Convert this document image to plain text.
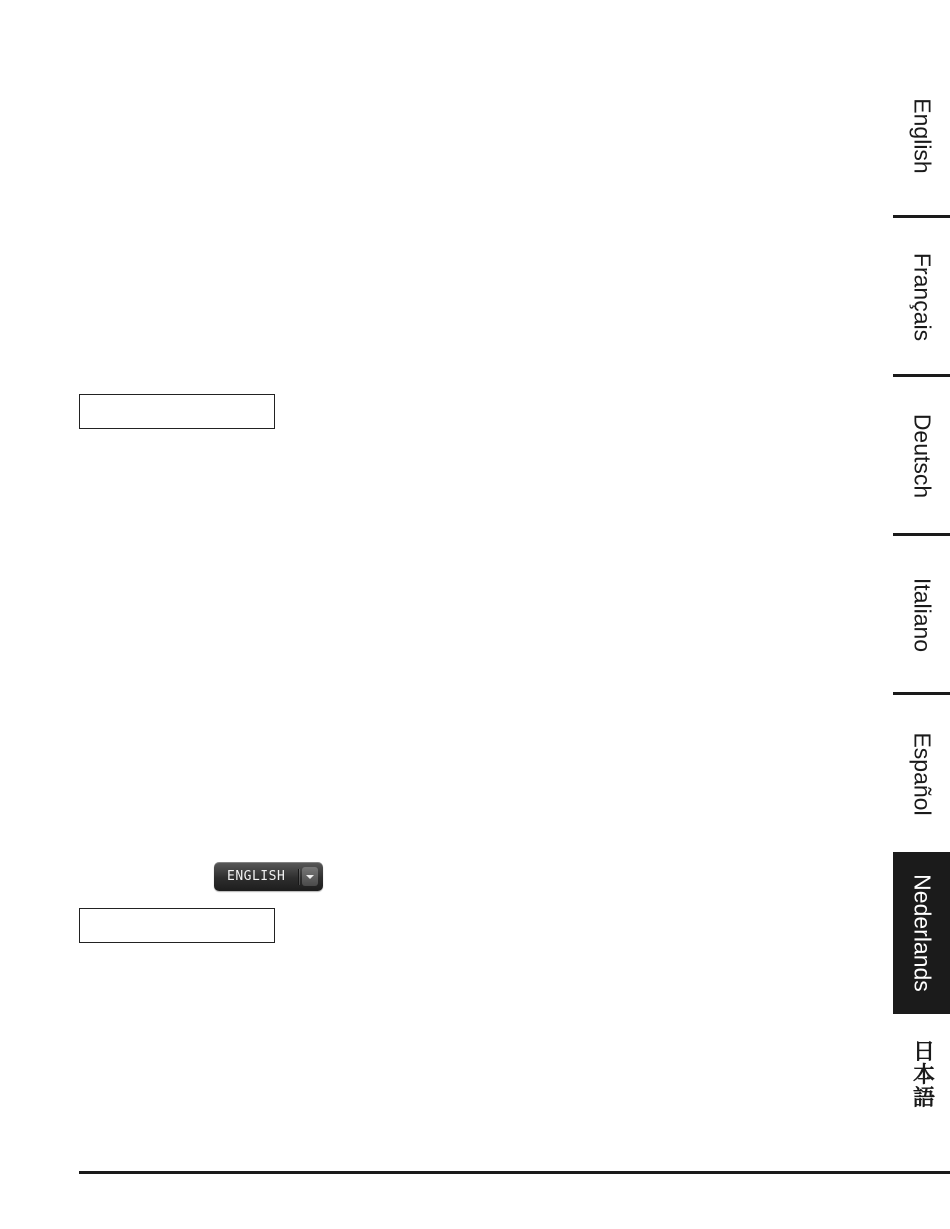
ENGLISH
English
Français
Deutsch
Italiano
Español
Nederlands
日本語
